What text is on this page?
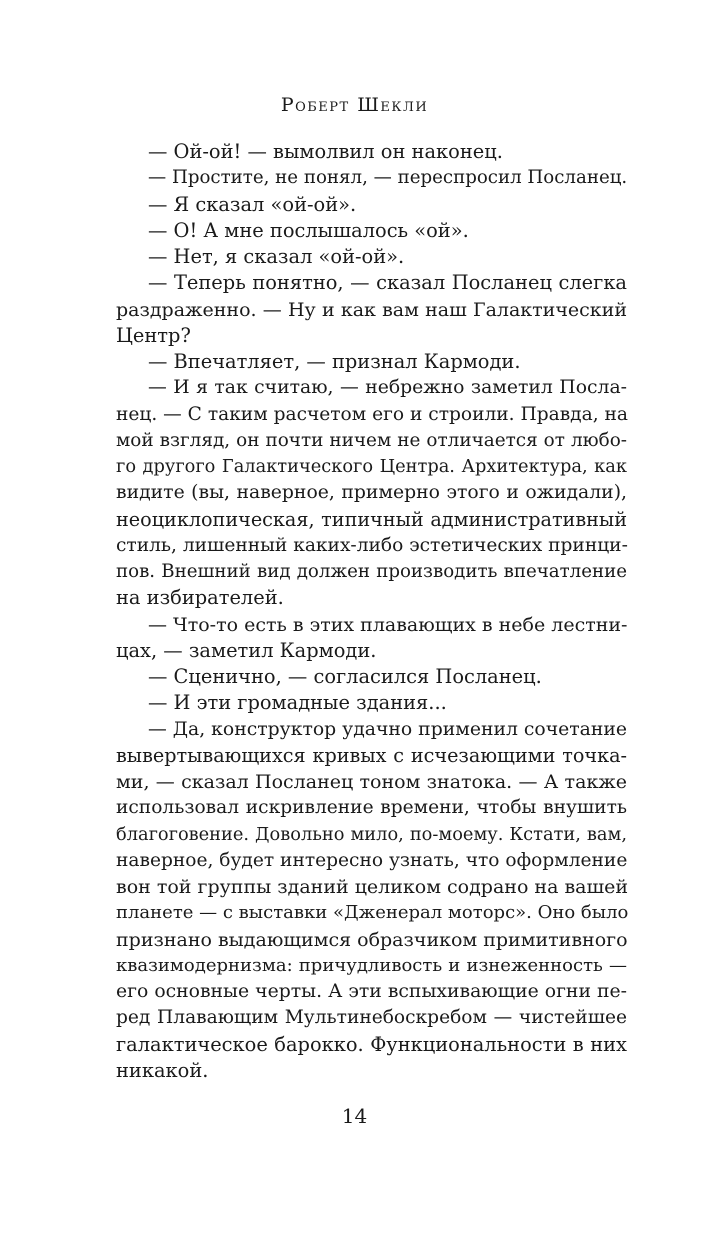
Роберт Шекли
— Ой-ой! — вымолвил он наконец.
— Простите, не понял, — переспросил Посланец.
— Я сказал «ой-ой».
— О! А мне послышалось «ой».
— Нет, я сказал «ой-ой».
— Теперь понятно, — сказал Посланец слегка
раздраженно. — Ну и как вам наш Галактический
Центр?
— Впечатляет, — признал Кармоди.
— И я так считаю, — небрежно заметил Посла-
нец. — С таким расчетом его и строили. Правда, на
мой взгляд, он почти ничем не отличается от любо-
го другого Галактического Центра. Архитектура, как
видите (вы, наверное, примерно этого и ожидали),
неоциклопическая, типичный административный
стиль, лишенный каких-либо эстетических принци-
пов. Внешний вид должен производить впечатление
на избирателей.
— Что-то есть в этих плавающих в небе лестни-
цах, — заметил Кармоди.
— Сценично, — согласился Посланец.
— И эти громадные здания...
— Да, конструктор удачно применил сочетание
вывертывающихся кривых с исчезающими точка-
ми, — сказал Посланец тоном знатока. — А также
использовал искривление времени, чтобы внушить
благоговение. Довольно мило, по-моему. Кстати, вам,
наверное, будет интересно узнать, что оформление
вон той группы зданий целиком содрано на вашей
планете — с выставки «Дженерал моторс». Оно было
признано выдающимся образчиком примитивного
квазимодернизма: причудливость и изнеженность —
его основные черты. А эти вспыхивающие огни пе-
ред Плавающим Мультинебоскребом — чистейшее
галактическое барокко. Функциональности в них
никакой.
14
